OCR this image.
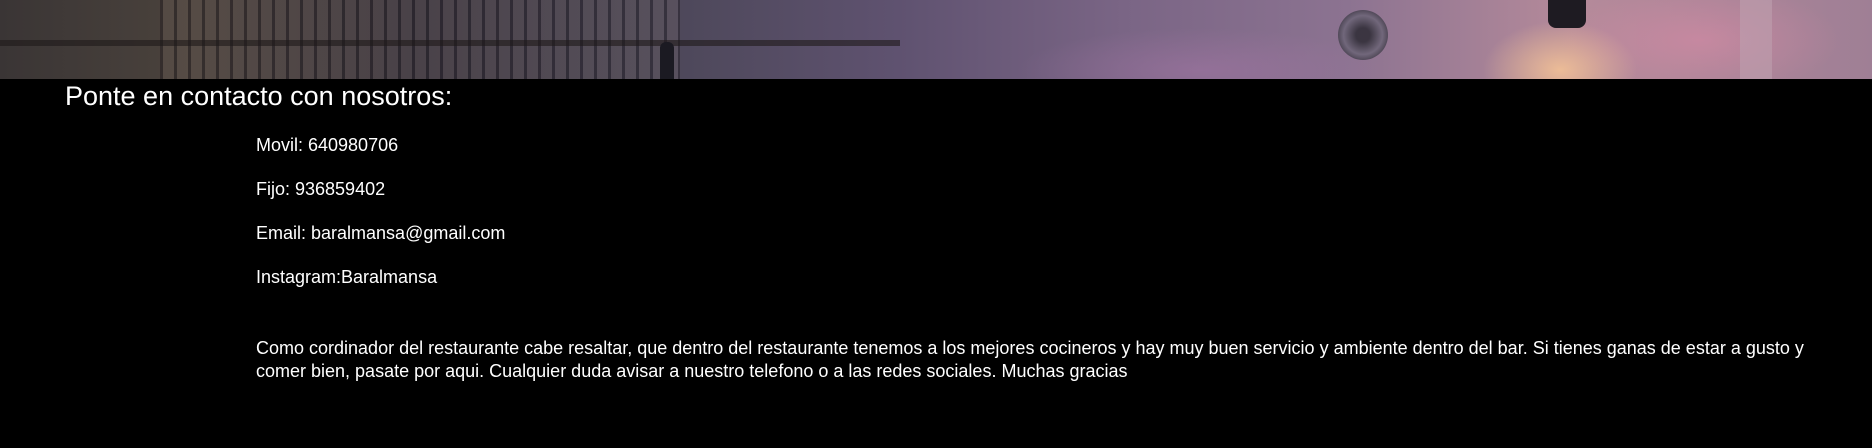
Ponte en contacto con nosotros:

Movil: 640980706

Fijo: 936859402

Email: baralmansa@gmail.com

Instagram:Baralmansa

Como cordinador del restaurante cabe resaltar, que dentro del restaurante tenemos a los mejores cocineros y hay muy buen servicio y ambiente dentro del bar. Si tienes ganas de estar a gusto y comer bien, pasate por aqui. Cualquier duda avisar a nuestro telefono o a las redes sociales. Muchas gracias
